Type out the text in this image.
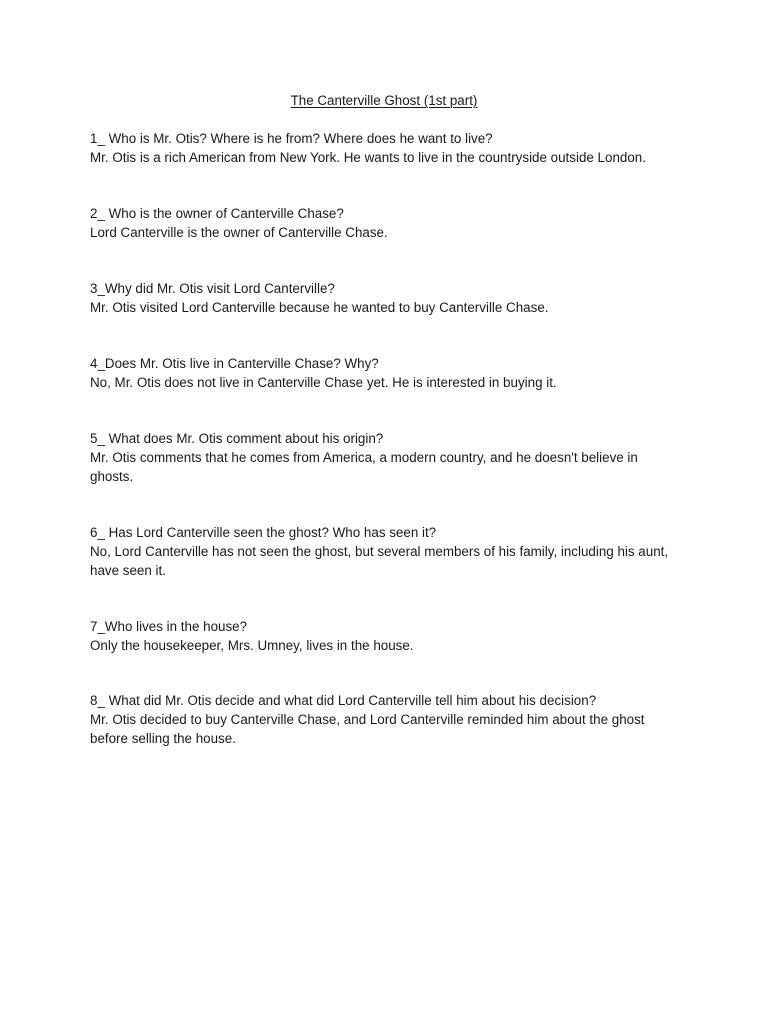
The Canterville Ghost (1st part)

1_ Who is Mr. Otis? Where is he from? Where does he want to live?

Mr. Otis is a rich American from New York. He wants to live in the countryside outside London.

2_ Who is the owner of Canterville Chase?

Lord Canterville is the owner of Canterville Chase.

3_Why did Mr. Otis visit Lord Canterville?

Mr. Otis visited Lord Canterville because he wanted to buy Canterville Chase.

4_Does Mr. Otis live in Canterville Chase? Why?

No, Mr. Otis does not live in Canterville Chase yet. He is interested in buying it.

5_ What does Mr. Otis comment about his origin?

Mr. Otis comments that he comes from America, a modern country, and he doesn't believe in ghosts.

6_ Has Lord Canterville seen the ghost? Who has seen it?

No, Lord Canterville has not seen the ghost, but several members of his family, including his aunt, have seen it.

7_Who lives in the house?

Only the housekeeper, Mrs. Umney, lives in the house.

8_ What did Mr. Otis decide and what did Lord Canterville tell him about his decision?

Mr. Otis decided to buy Canterville Chase, and Lord Canterville reminded him about the ghost before selling the house.
